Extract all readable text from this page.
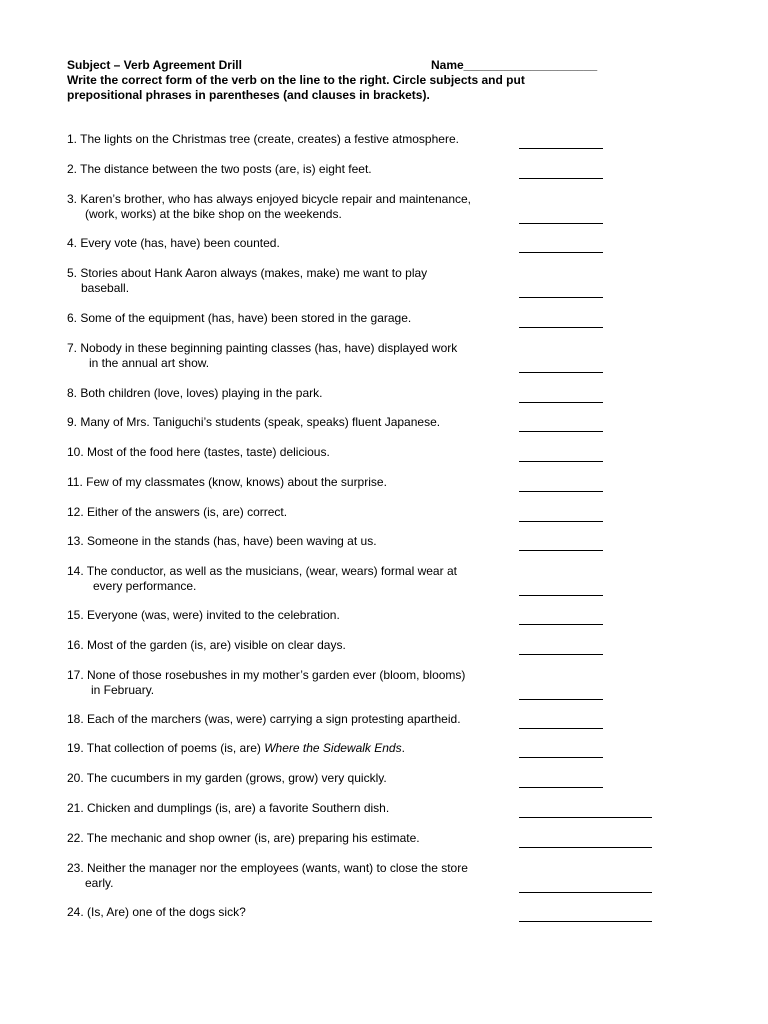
Subject – Verb Agreement Drill	Name____________________
Write the correct form of the verb on the line to the right. Circle subjects and put prepositional phrases in parentheses (and clauses in brackets).
1. The lights on the Christmas tree (create, creates) a festive atmosphere.
2. The distance between the two posts (are, is) eight feet.
3. Karen’s brother, who has always enjoyed bicycle repair and maintenance,
(work, works) at the bike shop on the weekends.
4. Every vote (has, have) been counted.
5. Stories about Hank Aaron always (makes, make) me want to play
baseball.
6. Some of the equipment (has, have) been stored in the garage.
7. Nobody in these beginning painting classes (has, have) displayed work
in the annual art show.
8. Both children (love, loves) playing in the park.
9. Many of Mrs. Taniguchi’s students (speak, speaks) fluent Japanese.
10. Most of the food here (tastes, taste) delicious.
11. Few of my classmates (know, knows) about the surprise.
12. Either of the answers (is, are) correct.
13. Someone in the stands (has, have) been waving at us.
14. The conductor, as well as the musicians, (wear, wears) formal wear at
every performance.
15. Everyone (was, were) invited to the celebration.
16. Most of the garden (is, are) visible on clear days.
17. None of those rosebushes in my mother’s garden ever (bloom, blooms)
in February.
18. Each of the marchers (was, were) carrying a sign protesting apartheid.
19. That collection of poems (is, are) Where the Sidewalk Ends.
20. The cucumbers in my garden (grows, grow) very quickly.
21. Chicken and dumplings (is, are) a favorite Southern dish.
22. The mechanic and shop owner (is, are) preparing his estimate.
23. Neither the manager nor the employees (wants, want) to close the store
early.
24. (Is, Are) one of the dogs sick?
